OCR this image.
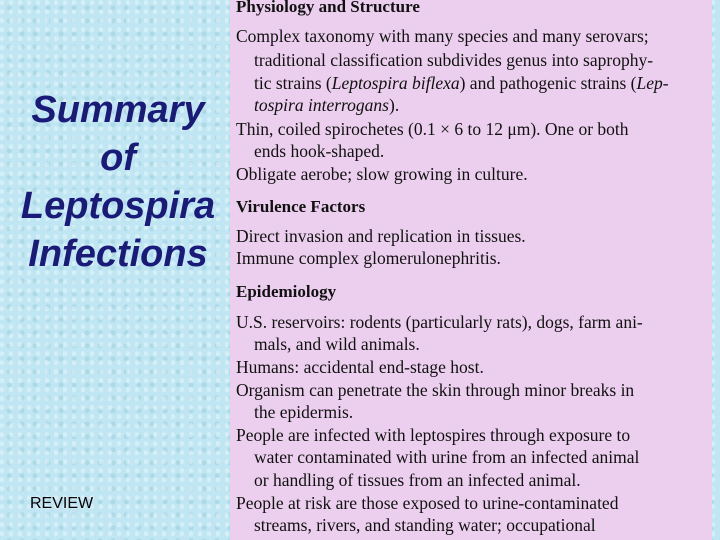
Summary
of
Leptospira
Infections
REVIEW
Physiology and Structure
Complex taxonomy with many species and many serovars;
traditional classification subdivides genus into saprophy-
tic strains (Leptospira biflexa) and pathogenic strains (Lep-
tospira interrogans).
Thin, coiled spirochetes (0.1 × 6 to 12 μm). One or both
ends hook-shaped.
Obligate aerobe; slow growing in culture.
Virulence Factors
Direct invasion and replication in tissues.
Immune complex glomerulonephritis.
Epidemiology
U.S. reservoirs: rodents (particularly rats), dogs, farm ani-
mals, and wild animals.
Humans: accidental end-stage host.
Organism can penetrate the skin through minor breaks in
the epidermis.
People are infected with leptospires through exposure to
water contaminated with urine from an infected animal
or handling of tissues from an infected animal.
People at risk are those exposed to urine-contaminated
streams, rivers, and standing water; occupational
